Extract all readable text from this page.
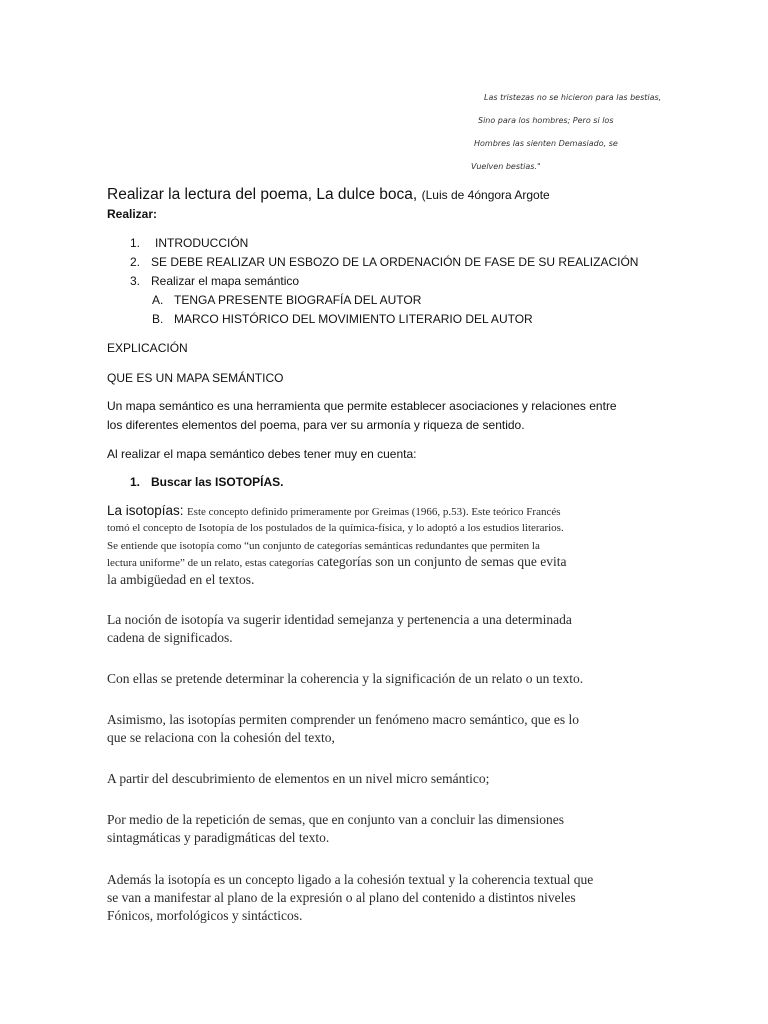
Las tristezas no se hicieron para las bestias,
Sino para los hombres; Pero si los
Hombres las sienten Demasiado, se
Vuelven bestias."
Realizar la lectura del poema, La dulce boca, (Luis de 4óngora Argote
Realizar:
1. INTRODUCCIÓN
2. SE DEBE REALIZAR UN ESBOZO DE LA ORDENACIÓN DE FASE DE SU REALIZACIÓN
3. Realizar el mapa semántico
A. TENGA PRESENTE BIOGRAFÍA DEL AUTOR
B. MARCO HISTÓRICO DEL MOVIMIENTO LITERARIO DEL AUTOR
EXPLICACIÓN
QUE ES UN MAPA SEMÁNTICO
Un mapa semántico es una herramienta que permite establecer asociaciones y relaciones entre
los diferentes elementos del poema, para ver su armonía y riqueza de sentido.
Al realizar el mapa semántico debes tener muy en cuenta:
1. Buscar las ISOTOPÍAS.
La isotopías: Este concepto definido primeramente por Greimas (1966, p.53). Este teórico Francés
tomó el concepto de Isotopía de los postulados de la química-física, y lo adoptó a los estudios literarios.
Se entiende que isotopía como “un conjunto de categorías semánticas redundantes que permiten la
lectura uniforme” de un relato, estas categorías categorías son un conjunto de semas que evita
la ambigüedad en el textos.
La noción de isotopía va sugerir identidad semejanza y pertenencia a una determinada
cadena de significados.
Con ellas se pretende determinar la coherencia y la significación de un relato o un texto.
Asimismo, las isotopías permiten comprender un fenómeno macro semántico, que es lo
que se relaciona con la cohesión del texto,
A partir del descubrimiento de elementos en un nivel micro semántico;
Por medio de la repetición de semas, que en conjunto van a concluir las dimensiones
sintagmáticas y paradigmáticas del texto.
Además la isotopía es un concepto ligado a la cohesión textual y la coherencia textual que
se van a manifestar al plano de la expresión o al plano del contenido a distintos niveles
Fónicos, morfológicos y sintácticos.
